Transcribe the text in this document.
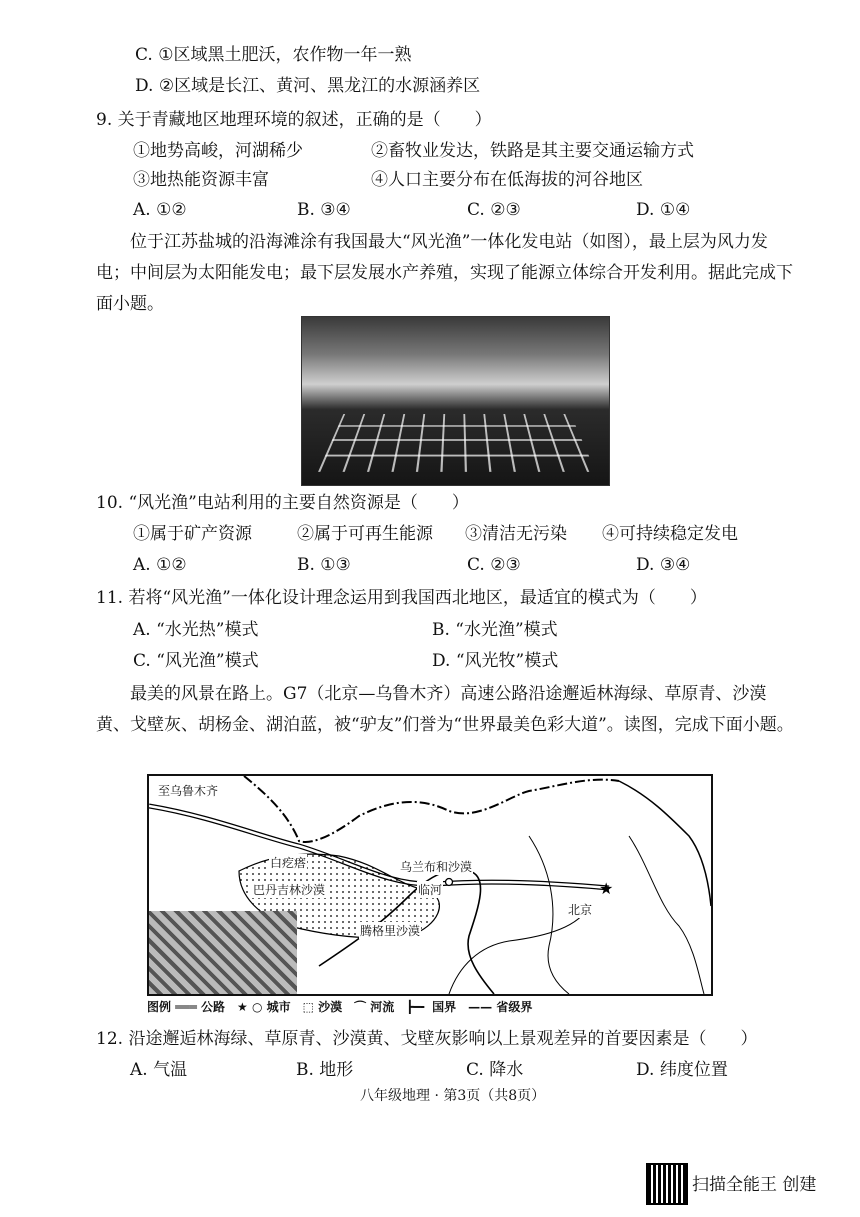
C. ①区域黑土肥沃，农作物一年一熟
D. ②区域是长江、黄河、黑龙江的水源涵养区
9. 关于青藏地区地理环境的叙述，正确的是（　　）
①地势高峻，河湖稀少	②畜牧业发达，铁路是其主要交通运输方式
③地热能资源丰富	④人口主要分布在低海拔的河谷地区
A. ①②	B. ③④	C. ②③	D. ①④
位于江苏盐城的沿海滩涂有我国最大“风光渔”一体化发电站（如图），最上层为风力发电；中间层为太阳能发电；最下层发展水产养殖，实现了能源立体综合开发利用。据此完成下面小题。
10. “风光渔”电站利用的主要自然资源是（　　）
①属于矿产资源	②属于可再生能源 ③清洁无污染 ④可持续稳定发电
A. ①②	B. ①③	C. ②③	D. ③④
11. 若将“风光渔”一体化设计理念运用到我国西北地区，最适宜的模式为（　　）
A. “水光热”模式	B. “水光渔”模式
C. “风光渔”模式	D. “风光牧”模式
最美的风景在路上。G7（北京—乌鲁木齐）高速公路沿途邂逅林海绿、草原青、沙漠黄、戈壁灰、胡杨金、湖泊蓝，被“驴友”们誉为“世界最美色彩大道”。读图，完成下面小题。
★
至乌鲁木齐
白疙瘩
巴丹吉林沙漠
乌兰布和沙漠
临河
腾格里沙漠
北京
图例 ═══ 公路　★ ○ 城市　⬚ 沙漠　⌒ 河流　┣━╸ 国界　—— 省级界
12. 沿途邂逅林海绿、草原青、沙漠黄、戈壁灰影响以上景观差异的首要因素是（　　）
A. 气温	B. 地形	C. 降水	D. 纬度位置
八年级地理 · 第3页（共8页）
扫描全能王 创建
